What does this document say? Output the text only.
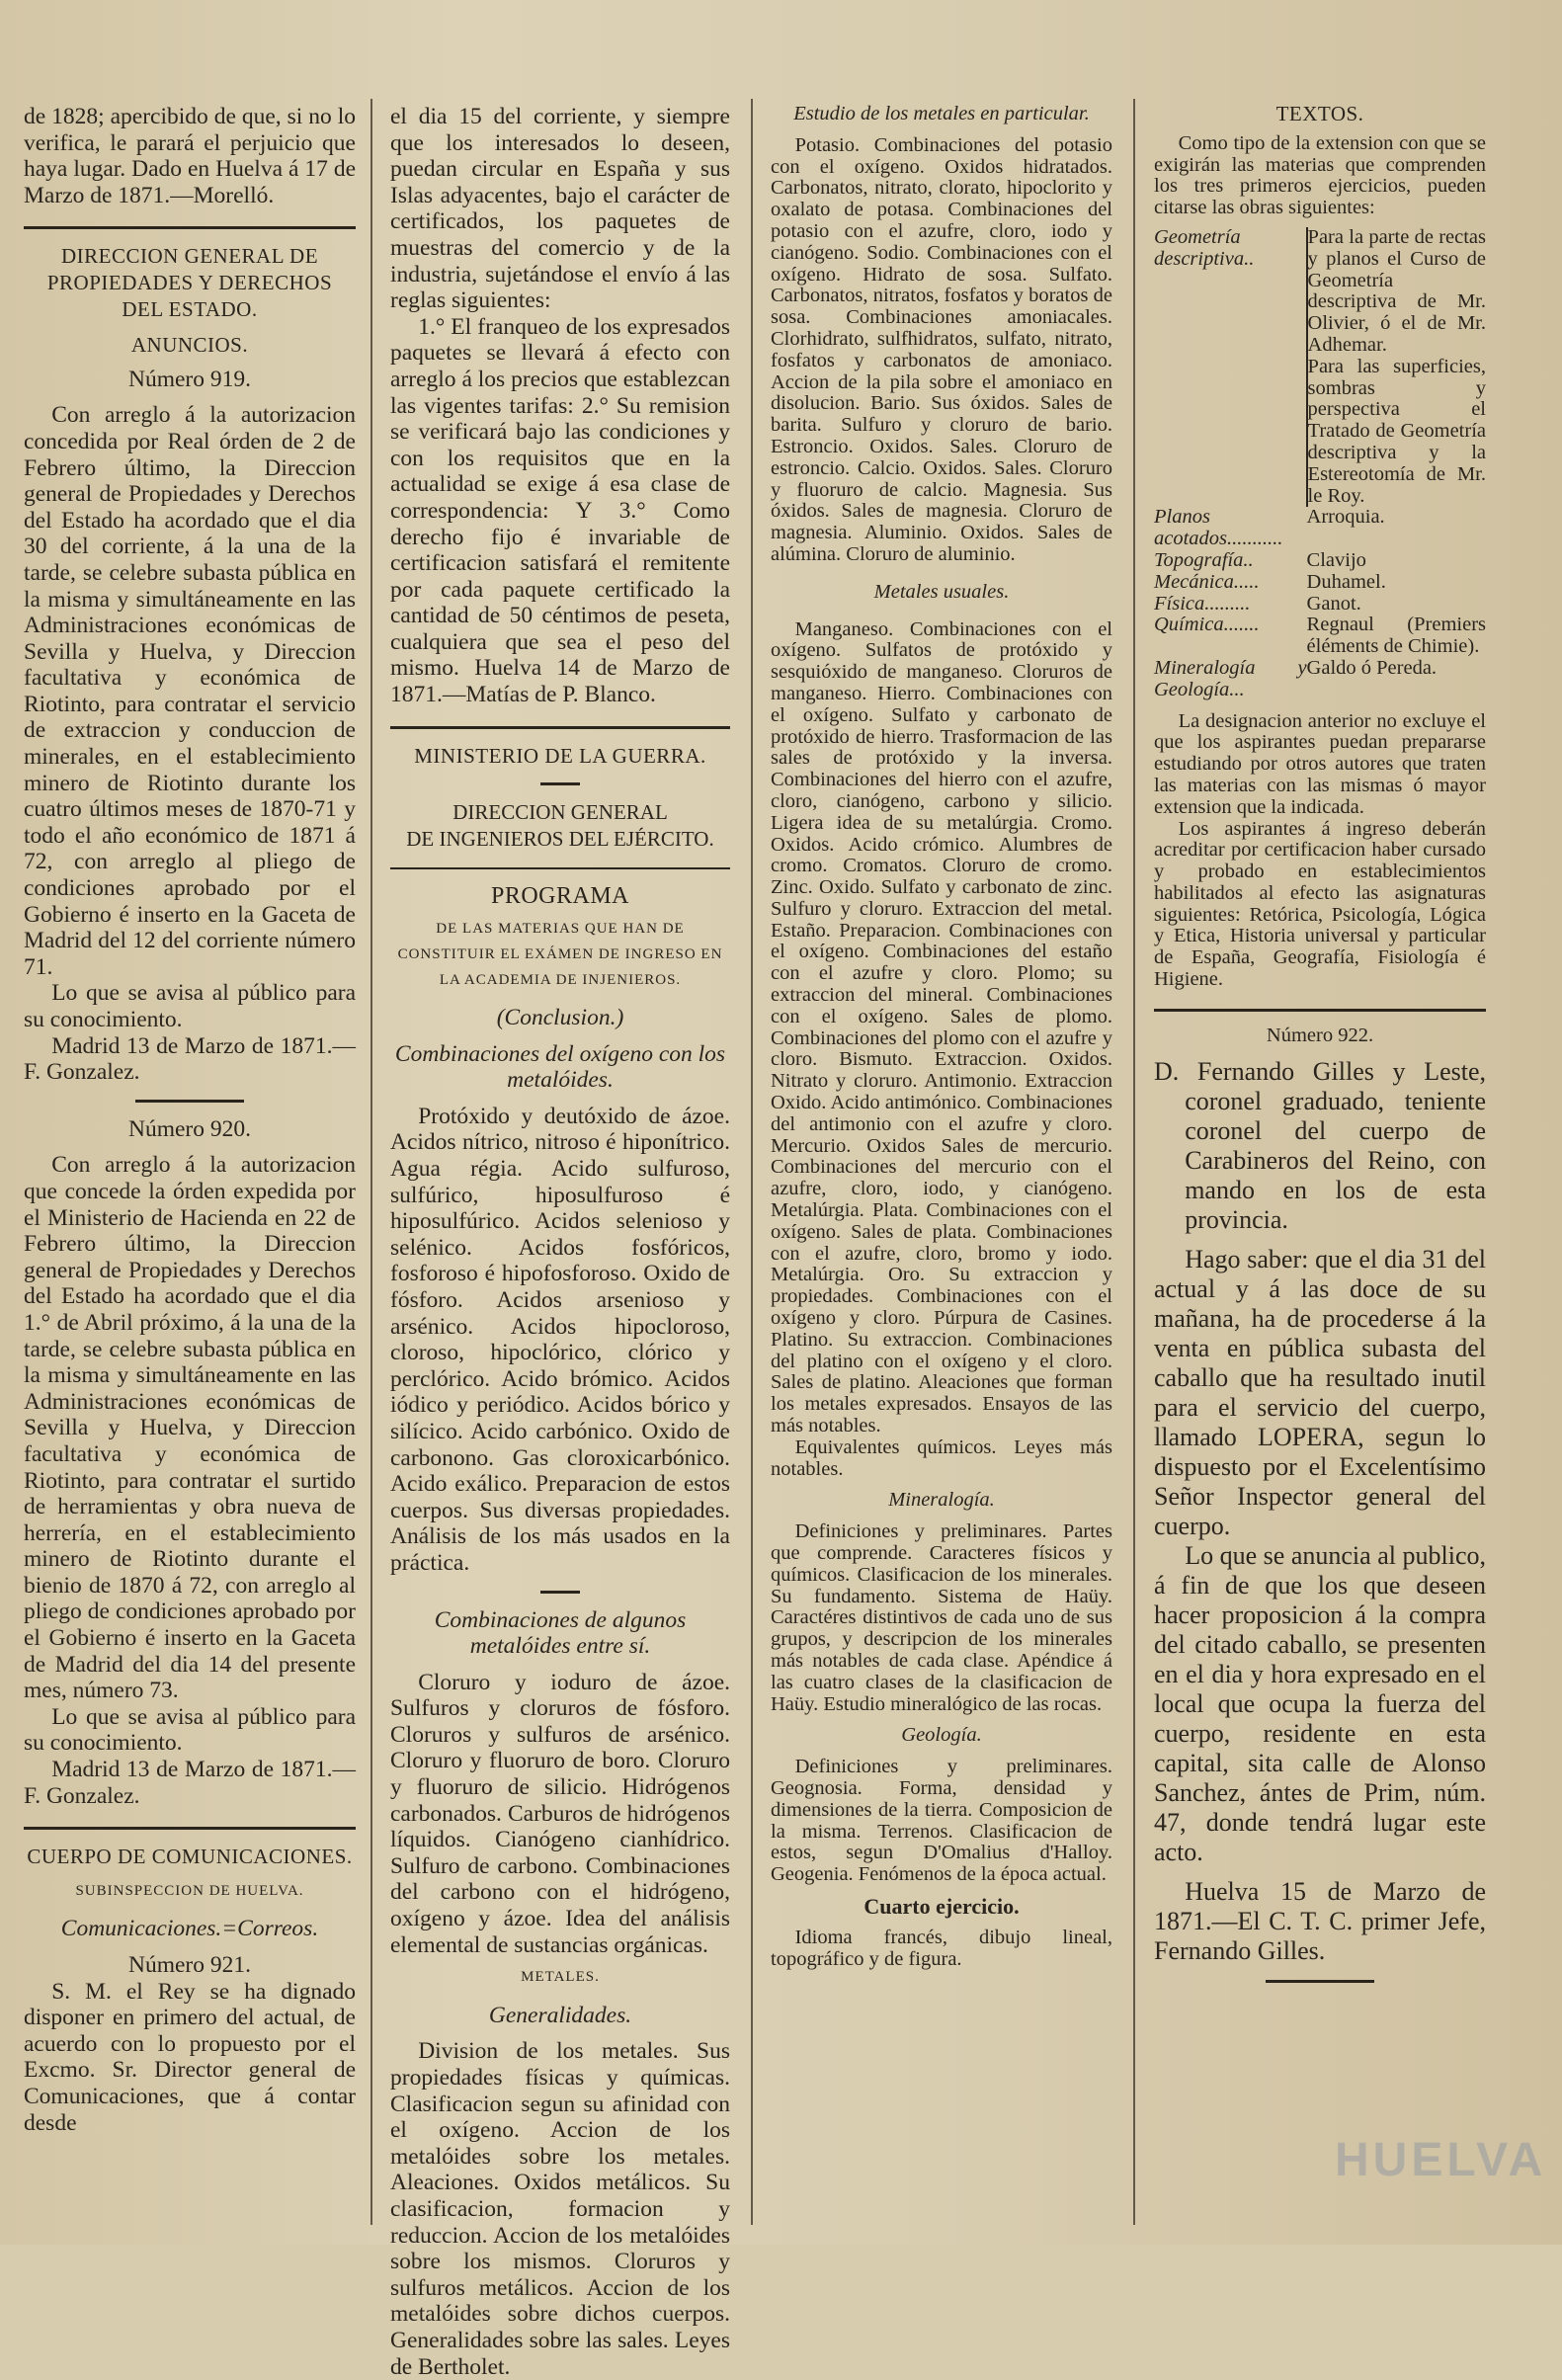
de 1828; apercibido de que, si no lo verifica, le parará el perjuicio que haya lugar. Dado en Huelva á 17 de Marzo de 1871.—Morelló.

DIRECCION GENERAL DE PROPIEDADES Y DERECHOS DEL ESTADO.

ANUNCIOS.

Número 919.

Con arreglo á la autorizacion concedida por Real órden de 2 de Febrero último, la Direccion general de Propiedades y Derechos del Estado ha acordado que el dia 30 del corriente, á la una de la tarde, se celebre subasta pública en la misma y simultáneamente en las Administraciones económicas de Sevilla y Huelva, y Direccion facultativa y económica de Riotinto, para contratar el servicio de extraccion y conduccion de minerales, en el establecimiento minero de Riotinto durante los cuatro últimos meses de 1870-71 y todo el año económico de 1871 á 72, con arreglo al pliego de condiciones aprobado por el Gobierno é inserto en la Gaceta de Madrid del 12 del corriente número 71.

Lo que se avisa al público para su conocimiento.

Madrid 13 de Marzo de 1871.—F. Gonzalez.

Número 920.

Con arreglo á la autorizacion que concede la órden expedida por el Ministerio de Hacienda en 22 de Febrero último, la Direccion general de Propiedades y Derechos del Estado ha acordado que el dia 1.° de Abril próximo, á la una de la tarde, se celebre subasta pública en la misma y simultáneamente en las Administraciones económicas de Sevilla y Huelva, y Direccion facultativa y económica de Riotinto, para contratar el surtido de herramientas y obra nueva de herrería, en el establecimiento minero de Riotinto durante el bienio de 1870 á 72, con arreglo al pliego de condiciones aprobado por el Gobierno é inserto en la Gaceta de Madrid del dia 14 del presente mes, número 73.

Lo que se avisa al público para su conocimiento.

Madrid 13 de Marzo de 1871.—F. Gonzalez.

CUERPO DE COMUNICACIONES.

SUBINSPECCION DE HUELVA.

Comunicaciones.=Correos.

Número 921.

S. M. el Rey se ha dignado disponer en primero del actual, de acuerdo con lo propuesto por el Excmo. Sr. Director general de Comunicaciones, que á contar desde

el dia 15 del corriente, y siempre que los interesados lo deseen, puedan circular en España y sus Islas adyacentes, bajo el carácter de certificados, los paquetes de muestras del comercio y de la industria, sujetándose el envío á las reglas siguientes:

1.° El franqueo de los expresados paquetes se llevará á efecto con arreglo á los precios que establezcan las vigentes tarifas: 2.° Su remision se verificará bajo las condiciones y con los requisitos que en la actualidad se exige á esa clase de correspondencia: Y 3.° Como derecho fijo é invariable de certificacion satisfará el remitente por cada paquete certificado la cantidad de 50 céntimos de peseta, cualquiera que sea el peso del mismo. Huelva 14 de Marzo de 1871.—Matías de P. Blanco.

MINISTERIO DE LA GUERRA.

DIRECCION GENERAL

DE INGENIEROS DEL EJÉRCITO.

PROGRAMA

DE LAS MATERIAS QUE HAN DE CONSTITUIR EL EXÁMEN DE INGRESO EN LA ACADEMIA DE INJENIEROS.

(Conclusion.)

Combinaciones del oxígeno con los metalóides.

Protóxido y deutóxido de ázoe. Acidos nítrico, nitroso é hiponítrico. Agua régia. Acido sulfuroso, sulfúrico, hiposulfuroso é hiposulfúrico. Acidos selenioso y selénico. Acidos fosfóricos, fosforoso é hipofosforoso. Oxido de fósforo. Acidos arsenioso y arsénico. Acidos hipocloroso, cloroso, hipoclórico, clórico y perclórico. Acido brómico. Acidos iódico y periódico. Acidos bórico y silícico. Acido carbónico. Oxido de carbonono. Gas cloroxicarbónico. Acido exálico. Preparacion de estos cuerpos. Sus diversas propiedades. Análisis de los más usados en la práctica.

Combinaciones de algunos metalóides entre sí.

Cloruro y ioduro de ázoe. Sulfuros y cloruros de fósforo. Cloruros y sulfuros de arsénico. Cloruro y fluoruro de boro. Cloruro y fluoruro de silicio. Hidrógenos carbonados. Carburos de hidrógenos líquidos. Cianógeno cianhídrico. Sulfuro de carbono. Combinaciones del carbono con el hidrógeno, oxígeno y ázoe. Idea del análisis elemental de sustancias orgánicas.

METALES.

Generalidades.

Division de los metales. Sus propiedades físicas y químicas. Clasificacion segun su afinidad con el oxígeno. Accion de los metalóides sobre los metales. Aleaciones. Oxidos metálicos. Su clasificacion, formacion y reduccion. Accion de los metalóides sobre los mismos. Cloruros y sulfuros metálicos. Accion de los metalóides sobre dichos cuerpos. Generalidades sobre las sales. Leyes de Bertholet.

Estudio de los metales en particular.

Potasio. Combinaciones del potasio con el oxígeno. Oxidos hidratados. Carbonatos, nitrato, clorato, hipoclorito y oxalato de potasa. Combinaciones del potasio con el azufre, cloro, iodo y cianógeno. Sodio. Combinaciones con el oxígeno. Hidrato de sosa. Sulfato. Carbonatos, nitratos, fosfatos y boratos de sosa. Combinaciones amoniacales. Clorhidrato, sulfhidratos, sulfato, nitrato, fosfatos y carbonatos de amoniaco. Accion de la pila sobre el amoniaco en disolucion. Bario. Sus óxidos. Sales de barita. Sulfuro y cloruro de bario. Estroncio. Oxidos. Sales. Cloruro de estroncio. Calcio. Oxidos. Sales. Cloruro y fluoruro de calcio. Magnesia. Sus óxidos. Sales de magnesia. Cloruro de magnesia. Aluminio. Oxidos. Sales de alúmina. Cloruro de aluminio.

Metales usuales.

Manganeso. Combinaciones con el oxígeno. Sulfatos de protóxido y sesquióxido de manganeso. Cloruros de manganeso. Hierro. Combinaciones con el oxígeno. Sulfato y carbonato de protóxido de hierro. Trasformacion de las sales de protóxido y la inversa. Combinaciones del hierro con el azufre, cloro, cianógeno, carbono y silicio. Ligera idea de su metalúrgia. Cromo. Oxidos. Acido crómico. Alumbres de cromo. Cromatos. Cloruro de cromo. Zinc. Oxido. Sulfato y carbonato de zinc. Sulfuro y cloruro. Extraccion del metal. Estaño. Preparacion. Combinaciones con el oxígeno. Combinaciones del estaño con el azufre y cloro. Plomo; su extraccion del mineral. Combinaciones con el oxígeno. Sales de plomo. Combinaciones del plomo con el azufre y cloro. Bismuto. Extraccion. Oxidos. Nitrato y cloruro. Antimonio. Extraccion Oxido. Acido antimónico. Combinaciones del antimonio con el azufre y cloro. Mercurio. Oxidos Sales de mercurio. Combinaciones del mercurio con el azufre, cloro, iodo, y cianógeno. Metalúrgia. Plata. Combinaciones con el oxígeno. Sales de plata. Combinaciones con el azufre, cloro, bromo y iodo. Metalúrgia. Oro. Su extraccion y propiedades. Combinaciones con el oxígeno y cloro. Púrpura de Casines. Platino. Su extraccion. Combinaciones del platino con el oxígeno y el cloro. Sales de platino. Aleaciones que forman los metales expresados. Ensayos de las más notables.

Equivalentes químicos. Leyes más notables.

Mineralogía.

Definiciones y preliminares. Partes que comprende. Caracteres físicos y químicos. Clasificacion de los minerales. Su fundamento. Sistema de Haüy. Caractéres distintivos de cada uno de sus grupos, y descripcion de los minerales más notables de cada clase. Apéndice á las cuatro clases de la clasificacion de Haüy. Estudio mineralógico de las rocas.

Geología.

Definiciones y preliminares. Geognosia. Forma, densidad y dimensiones de la tierra. Composicion de la misma. Terrenos. Clasificacion de estos, segun D'Omalius d'Halloy. Geogenia. Fenómenos de la época actual.

Cuarto ejercicio.

Idioma francés, dibujo lineal, topográfico y de figura.

TEXTOS.

Como tipo de la extension con que se exigirán las materias que comprenden los tres primeros ejercicios, pueden citarse las obras siguientes:

Geometría descriptiva..	Para la parte de rectas y planos el Curso de Geometría descriptiva de Mr. Olivier, ó el de Mr. Adhemar.
	Para las superficies, sombras y perspectiva el Tratado de Geometría descriptiva y la Estereotomía de Mr. le Roy.
Planos acotados...........	Arroquia.
Topografía..	Clavijo
Mecánica.....	Duhamel.
Física.........	Ganot.
Química.......	Regnaul (Premiers éléments de Chimie).
Mineralogía y Geología...	Galdo ó Pereda.

La designacion anterior no excluye el que los aspirantes puedan prepararse estudiando por otros autores que traten las materias con las mismas ó mayor extension que la indicada.

Los aspirantes á ingreso deberán acreditar por certificacion haber cursado y probado en establecimientos habilitados al efecto las asignaturas siguientes: Retórica, Psicología, Lógica y Etica, Historia universal y particular de España, Geografía, Fisiología é Higiene.

Número 922.

D. Fernando Gilles y Leste, coronel graduado, teniente coronel del cuerpo de Carabineros del Reino, con mando en los de esta provincia.

Hago saber: que el dia 31 del actual y á las doce de su mañana, ha de procederse á la venta en pública subasta del caballo que ha resultado inutil para el servicio del cuerpo, llamado LOPERA, segun lo dispuesto por el Excelentísimo Señor Inspector general del cuerpo.

Lo que se anuncia al publico, á fin de que los que deseen hacer proposicion á la compra del citado caballo, se presenten en el dia y hora expresado en el local que ocupa la fuerza del cuerpo, residente en esta capital, sita calle de Alonso Sanchez, ántes de Prim, núm. 47, donde tendrá lugar este acto.

Huelva 15 de Marzo de 1871.—El C. T. C. primer Jefe, Fernando Gilles.

HUELVA
